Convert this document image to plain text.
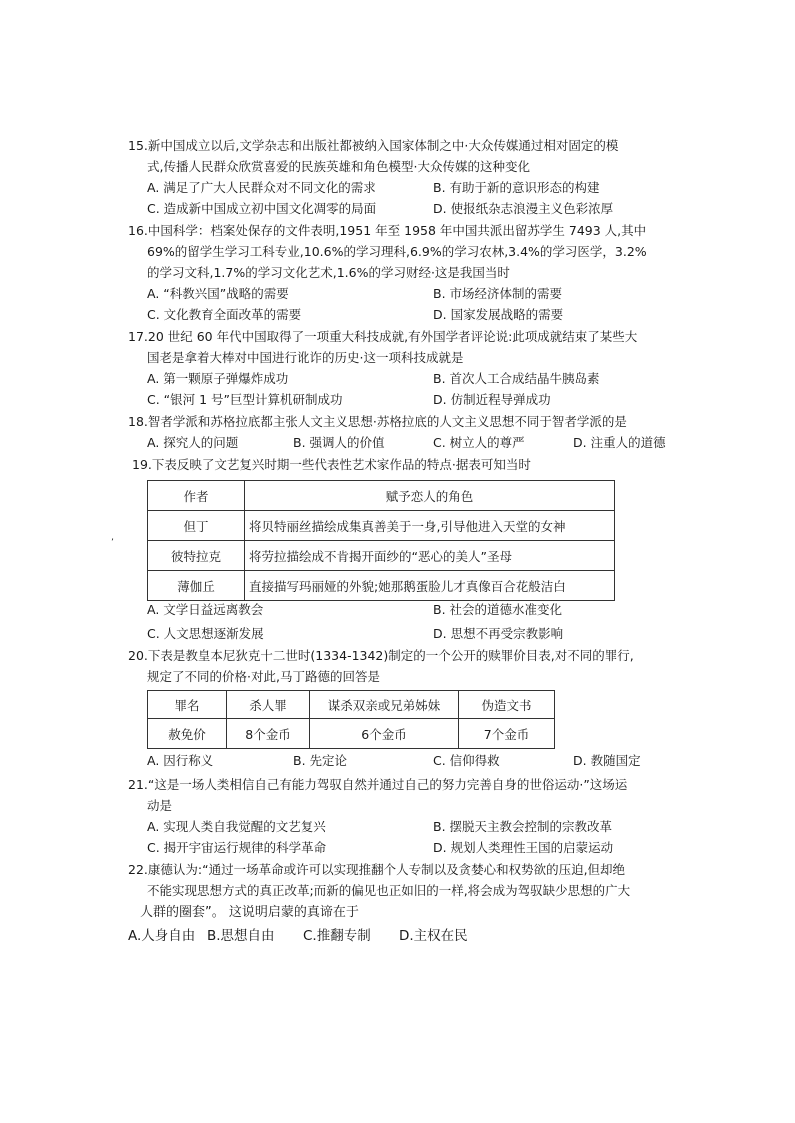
15.新中国成立以后,文学杂志和出版社都被纳入国家体制之中·大众传媒通过相对固定的模
式,传播人民群众欣赏喜爱的民族英雄和角色模型·大众传媒的这种变化
A. 满足了广大人民群众对不同文化的需求	B. 有助于新的意识形态的构建
C. 造成新中国成立初中国文化凋零的局面	D. 使报纸杂志浪漫主义色彩浓厚
16.中国科学：档案处保存的文件表明,1951 年至 1958 年中国共派出留苏学生 7493 人,其中
69%的留学生学习工科专业,10.6%的学习理科,6.9%的学习农林,3.4%的学习医学，3.2%
的学习文科,1.7%的学习文化艺术,1.6%的学习财经·这是我国当时
A. “科教兴国”战略的需要	B. 市场经济体制的需要
C. 文化教育全面改革的需要	D. 国家发展战略的需要
17.20 世纪 60 年代中国取得了一项重大科技成就,有外国学者评论说:此项成就结束了某些大
国老是拿着大棒对中国进行讹诈的历史·这一项科技成就是
A. 第一颗原子弹爆炸成功	B. 首次人工合成结晶牛胰岛素
C. “银河 1 号”巨型计算机研制成功	D. 仿制近程导弹成功
18.智者学派和苏格拉底都主张人文主义思想·苏格拉底的人文主义思想不同于智者学派的是
A. 探究人的问题	B. 强调人的价值	C. 树立人的尊严	D. 注重人的道德
19.下表反映了文艺复兴时期一些代表性艺术家作品的特点·据表可知当时
作者	赋予恋人的角色
但丁	将贝特丽丝描绘成集真善美于一身,引导他进入天堂的女神
彼特拉克	将劳拉描绘成不肯揭开面纱的“恶心的美人”圣母
薄伽丘	直接描写玛丽娅的外貌;她那鹅蛋脸儿才真像百合花般洁白
’
A. 文学日益远离教会	B. 社会的道德水准变化
C. 人文思想逐渐发展	D. 思想不再受宗教影响
20.下表是教皇本尼狄克十二世时(1334-1342)制定的一个公开的赎罪价目表,对不同的罪行,
规定了不同的价格·对此,马丁路德的回答是
罪名	杀人罪	谋杀双亲或兄弟姊妹	伪造文书
赦免价	8个金币	6个金币	7个金币
A. 因行称义	B. 先定论	C. 信仰得救	D. 教随国定
21.“这是一场人类相信自己有能力驾驭自然并通过自己的努力完善自身的世俗运动·”这场运
动是
A. 实现人类自我觉醒的文艺复兴	B. 摆脱天主教会控制的宗教改革
C. 揭开宇宙运行规律的科学革命	D. 规划人类理性王国的启蒙运动
22.康德认为:“通过一场革命或许可以实现推翻个人专制以及贪婪心和权势欲的压迫,但却绝
不能实现思想方式的真正改革;而新的偏见也正如旧的一样,将会成为驾驭缺少思想的广大
人群的圈套”。 这说明启蒙的真谛在于
A.人身自由 B.思想自由 C.推翻专制 D.主权在民
